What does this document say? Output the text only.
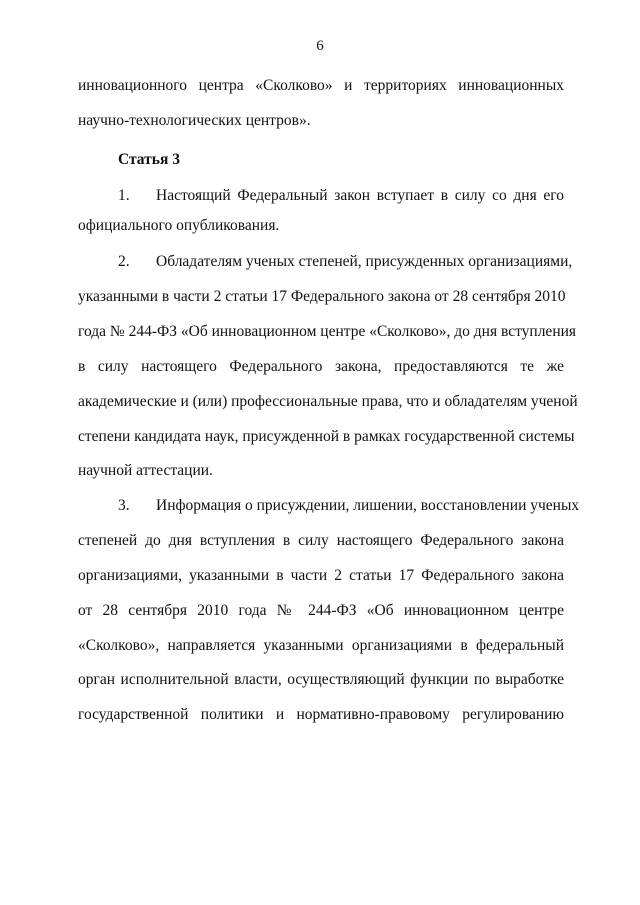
6
инновационного центра «Сколково» и территориях инновационных
научно-технологических центров».
Статья 3
1.	Настоящий Федеральный закон вступает в силу со дня его
официального опубликования.
2.	Обладателям ученых степеней, присужденных организациями,
указанными в части 2 статьи 17 Федерального закона от 28 сентября 2010
года № 244-ФЗ «Об инновационном центре «Сколково», до дня вступления
в силу настоящего Федерального закона, предоставляются те же
академические и (или) профессиональные права, что и обладателям ученой
степени кандидата наук, присужденной в рамках государственной системы
научной аттестации.
3.	Информация о присуждении, лишении, восстановлении ученых
степеней до дня вступления в силу настоящего Федерального закона
организациями, указанными в части 2 статьи 17 Федерального закона
от 28 сентября 2010 года № 244-ФЗ «Об инновационном центре
«Сколково», направляется указанными организациями в федеральный
орган исполнительной власти, осуществляющий функции по выработке
государственной политики и нормативно-правовому регулированию
